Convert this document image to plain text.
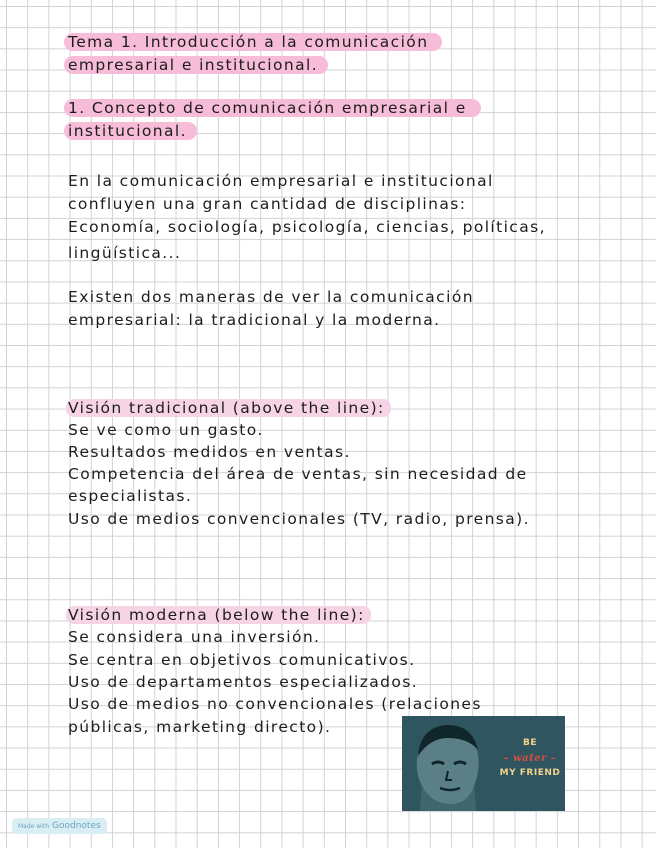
Tema 1. Introducción a la comunicación
empresarial e institucional.
1. Concepto de comunicación empresarial e
institucional.
En la comunicación empresarial e institucional
confluyen una gran cantidad de disciplinas:
Economía, sociología, psicología, ciencias, políticas,
lingüística...
Existen dos maneras de ver la comunicación
empresarial: la tradicional y la moderna.
Visión tradicional (above the line):
Se ve como un gasto.
Resultados medidos en ventas.
Competencia del área de ventas, sin necesidad de
especialistas.
Uso de medios convencionales (TV, radio, prensa).
Visión moderna (below the line):
Se considera una inversión.
Se centra en objetivos comunicativos.
Uso de departamentos especializados.
Uso de medios no convencionales (relaciones
públicas, marketing directo).
BE
– water –
MY FRIEND
Made with Goodnotes
